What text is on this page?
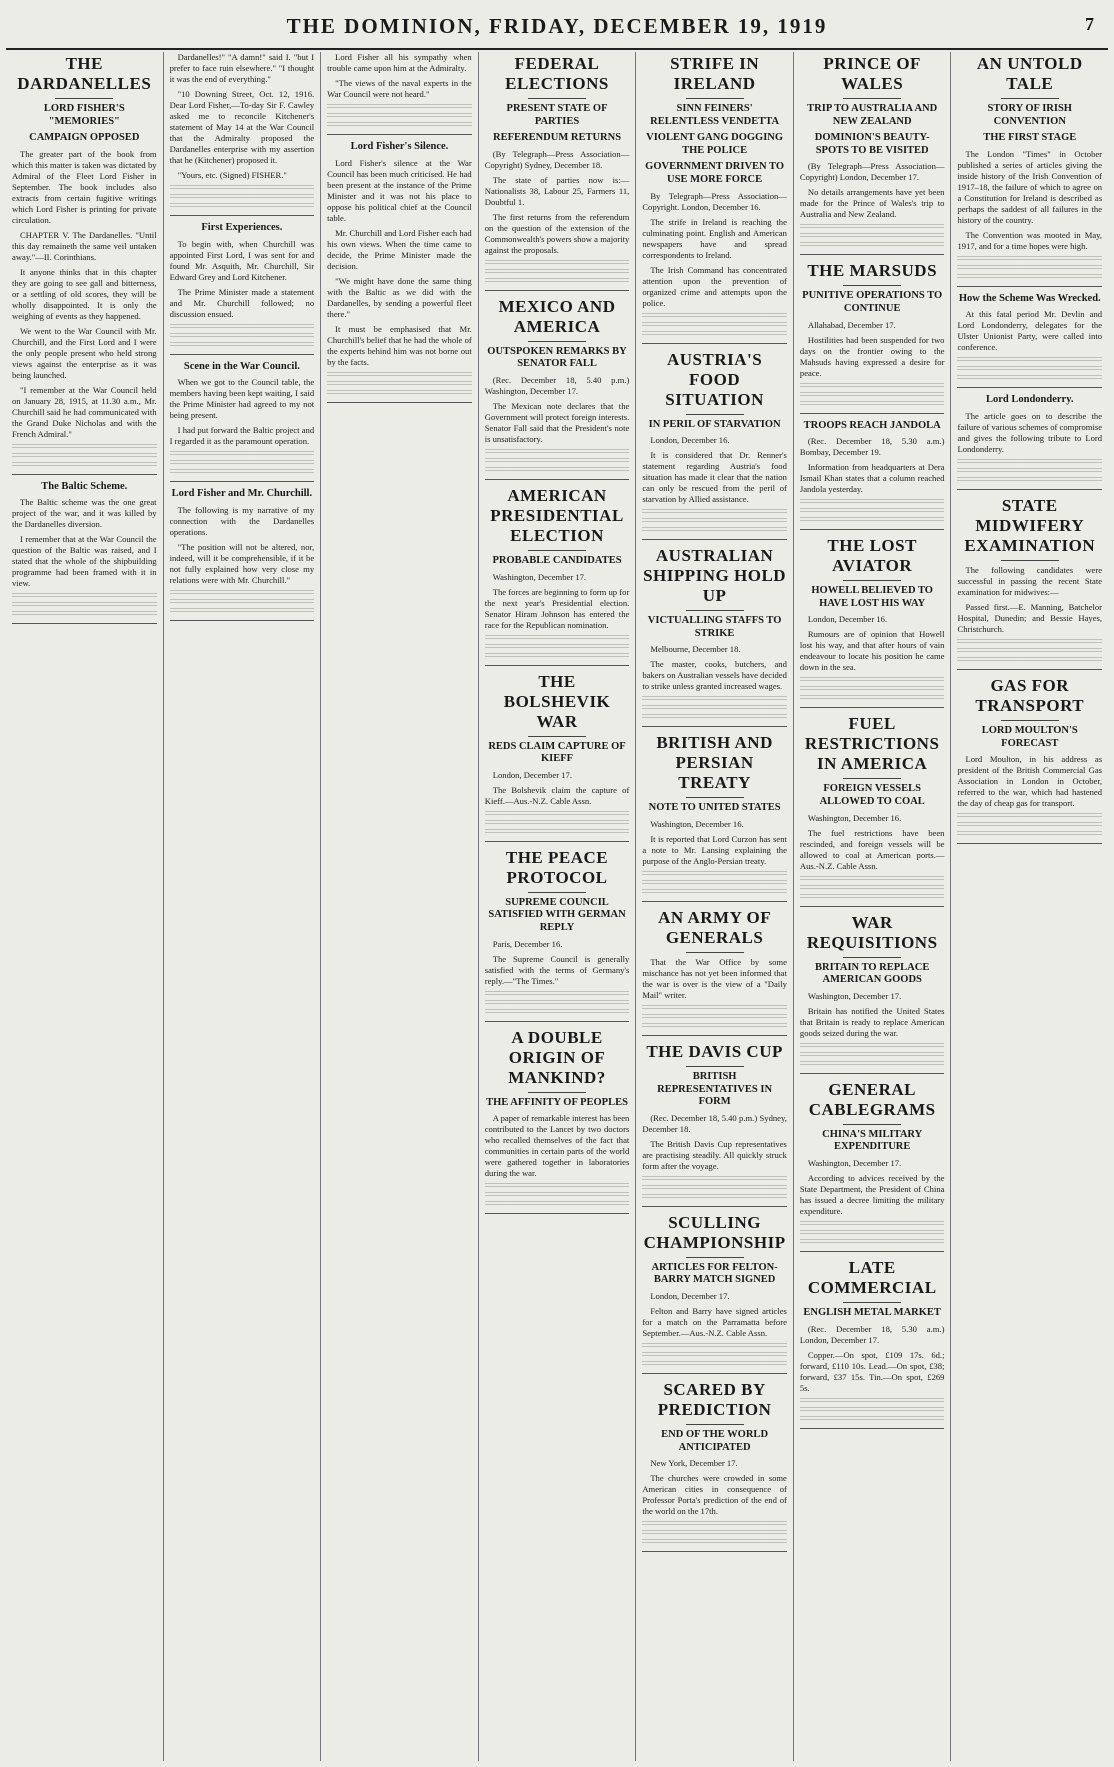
THE DOMINION, FRIDAY, DECEMBER 19, 1919	7
THE DARDANELLES
LORD FISHER'S "MEMORIES"
CAMPAIGN OPPOSED

The greater part of the book from which this matter is taken was dictated by Admiral of the Fleet Lord Fisher in September. The book includes also extracts from certain fugitive writings which Lord Fisher is printing for private circulation.

CHAPTER V. The Dardanelles. "Until this day remaineth the same veil untaken away."—II. Corinthians.

It anyone thinks that in this chapter they are going to see gall and bitterness, or a settling of old scores, they will be wholly disappointed. It is only the weighing of events as they happened.

We went to the War Council with Mr. Churchill, and the First Lord and I were the only people present who held strong views against the enterprise as it was being launched.

"I remember at the War Council held on January 28, 1915, at 11.30 a.m., Mr. Churchill said he had communicated with the Grand Duke Nicholas and with the French Admiral."

The Baltic Scheme.

The Baltic scheme was the one great project of the war, and it was killed by the Dardanelles diversion.

I remember that at the War Council the question of the Baltic was raised, and I stated that the whole of the shipbuilding programme had been framed with it in view.

Dardanelles!" "A damn!" said I. "but I prefer to face ruin elsewhere." "I thought it was the end of everything."

"10 Downing Street, Oct. 12, 1916. Dear Lord Fisher,—To-day Sir F. Cawley asked me to reconcile Kitchener's statement of May 14 at the War Council that the Admiralty proposed the Dardanelles enterprise with my assertion that he (Kitchener) proposed it.

"Yours, etc. (Signed) FISHER."

First Experiences.

To begin with, when Churchill was appointed First Lord, I was sent for and found Mr. Asquith, Mr. Churchill, Sir Edward Grey and Lord Kitchener.

The Prime Minister made a statement and Mr. Churchill followed; no discussion ensued.

Scene in the War Council.

When we got to the Council table, the members having been kept waiting, I said the Prime Minister had agreed to my not being present.

I had put forward the Baltic project and I regarded it as the paramount operation.

Lord Fisher and Mr. Churchill.

The following is my narrative of my connection with the Dardanelles operations.

"The position will not be altered, nor, indeed, will it be comprehensible, if it be not fully explained how very close my relations were with Mr. Churchill."

Lord Fisher all his sympathy when trouble came upon him at the Admiralty.

"The views of the naval experts in the War Council were not heard."

Lord Fisher's Silence.

Lord Fisher's silence at the War Council has been much criticised. He had been present at the instance of the Prime Minister and it was not his place to oppose his political chief at the Council table.

Mr. Churchill and Lord Fisher each had his own views. When the time came to decide, the Prime Minister made the decision.

"We might have done the same thing with the Baltic as we did with the Dardanelles, by sending a powerful fleet there."

It must be emphasised that Mr. Churchill's belief that he had the whole of the experts behind him was not borne out by the facts.

FEDERAL ELECTIONS
PRESENT STATE OF PARTIES
REFERENDUM RETURNS

(By Telegraph—Press Association—Copyright) Sydney, December 18.

The state of parties now is:— Nationalists 38, Labour 25, Farmers 11, Doubtful 1.

The first returns from the referendum on the question of the extension of the Commonwealth's powers show a majority against the proposals.

MEXICO AND AMERICA
OUTSPOKEN REMARKS BY SENATOR FALL

(Rec. December 18, 5.40 p.m.) Washington, December 17.

The Mexican note declares that the Government will protect foreign interests. Senator Fall said that the President's note is unsatisfactory.

AMERICAN PRESIDENTIAL ELECTION
PROBABLE CANDIDATES

Washington, December 17.

The forces are beginning to form up for the next year's Presidential election. Senator Hiram Johnson has entered the race for the Republican nomination.

THE BOLSHEVIK WAR
REDS CLAIM CAPTURE OF KIEFF

London, December 17.

The Bolshevik claim the capture of Kieff.—Aus.-N.Z. Cable Assn.

THE PEACE PROTOCOL
SUPREME COUNCIL SATISFIED WITH GERMAN REPLY

Paris, December 16.

The Supreme Council is generally satisfied with the terms of Germany's reply.—"The Times."

A DOUBLE ORIGIN OF MANKIND?
THE AFFINITY OF PEOPLES

A paper of remarkable interest has been contributed to the Lancet by two doctors who recalled themselves of the fact that communities in certain parts of the world were gathered together in laboratories during the war.

STRIFE IN IRELAND
SINN FEINERS' RELENTLESS VENDETTA
VIOLENT GANG DOGGING THE POLICE
GOVERNMENT DRIVEN TO USE MORE FORCE

By Telegraph—Press Association—Copyright. London, December 16.

The strife in Ireland is reaching the culminating point. English and American newspapers have and spread correspondents to Ireland.

The Irish Command has concentrated attention upon the prevention of organized crime and attempts upon the police.

AUSTRIA'S FOOD SITUATION
IN PERIL OF STARVATION

London, December 16.

It is considered that Dr. Renner's statement regarding Austria's food situation has made it clear that the nation can only be rescued from the peril of starvation by Allied assistance.

AUSTRALIAN SHIPPING HOLD UP
VICTUALLING STAFFS TO STRIKE

Melbourne, December 18.

The master, cooks, butchers, and bakers on Australian vessels have decided to strike unless granted increased wages.

BRITISH AND PERSIAN TREATY
NOTE TO UNITED STATES

Washington, December 16.

It is reported that Lord Curzon has sent a note to Mr. Lansing explaining the purpose of the Anglo-Persian treaty.

AN ARMY OF GENERALS

That the War Office by some mischance has not yet been informed that the war is over is the view of a "Daily Mail" writer.

THE DAVIS CUP
BRITISH REPRESENTATIVES IN FORM

(Rec. December 18, 5.40 p.m.) Sydney, December 18.

The British Davis Cup representatives are practising steadily. All quickly struck form after the voyage.

SCULLING CHAMPIONSHIP
ARTICLES FOR FELTON-BARRY MATCH SIGNED

London, December 17.

Felton and Barry have signed articles for a match on the Parramatta before September.—Aus.-N.Z. Cable Assn.

SCARED BY PREDICTION
END OF THE WORLD ANTICIPATED

New York, December 17.

The churches were crowded in some American cities in consequence of Professor Porta's prediction of the end of the world on the 17th.

PRINCE OF WALES
TRIP TO AUSTRALIA AND NEW ZEALAND
DOMINION'S BEAUTY-SPOTS TO BE VISITED

(By Telegraph—Press Association—Copyright) London, December 17.

No details arrangements have yet been made for the Prince of Wales's trip to Australia and New Zealand.

THE MARSUDS
PUNITIVE OPERATIONS TO CONTINUE

Allahabad, December 17.

Hostilities had been suspended for two days on the frontier owing to the Mahsuds having expressed a desire for peace.

TROOPS REACH JANDOLA

(Rec. December 18, 5.30 a.m.) Bombay, December 19.

Information from headquarters at Dera Ismail Khan states that a column reached Jandola yesterday.

THE LOST AVIATOR
HOWELL BELIEVED TO HAVE LOST HIS WAY

London, December 16.

Rumours are of opinion that Howell lost his way, and that after hours of vain endeavour to locate his position he came down in the sea.

FUEL RESTRICTIONS IN AMERICA
FOREIGN VESSELS ALLOWED TO COAL

Washington, December 16.

The fuel restrictions have been rescinded, and foreign vessels will be allowed to coal at American ports.—Aus.-N.Z. Cable Assn.

WAR REQUISITIONS
BRITAIN TO REPLACE AMERICAN GOODS

Washington, December 17.

Britain has notified the United States that Britain is ready to replace American goods seized during the war.

GENERAL CABLEGRAMS
CHINA'S MILITARY EXPENDITURE

Washington, December 17.

According to advices received by the State Department, the President of China has issued a decree limiting the military expenditure.

LATE COMMERCIAL
ENGLISH METAL MARKET

(Rec. December 18, 5.30 a.m.) London, December 17.

Copper.—On spot, £109 17s. 6d.; forward, £110 10s. Lead.—On spot, £38; forward, £37 15s. Tin.—On spot, £269 5s.

AN UNTOLD TALE
STORY OF IRISH CONVENTION
THE FIRST STAGE

The London "Times" in October published a series of articles giving the inside history of the Irish Convention of 1917–18, the failure of which to agree on a Constitution for Ireland is described as perhaps the saddest of all failures in the history of the country.

The Convention was mooted in May, 1917, and for a time hopes were high.

How the Scheme Was Wrecked.

At this fatal period Mr. Devlin and Lord Londonderry, delegates for the Ulster Unionist Party, were called into conference.

Lord Londonderry.

The article goes on to describe the failure of various schemes of compromise and gives the following tribute to Lord Londonderry.

STATE MIDWIFERY EXAMINATION

The following candidates were successful in passing the recent State examination for midwives:—

Passed first.—E. Manning, Batchelor Hospital, Dunedin; and Bessie Hayes, Christchurch.

GAS FOR TRANSPORT
LORD MOULTON'S FORECAST

Lord Moulton, in his address as president of the British Commercial Gas Association in London in October, referred to the war, which had hastened the day of cheap gas for transport.
